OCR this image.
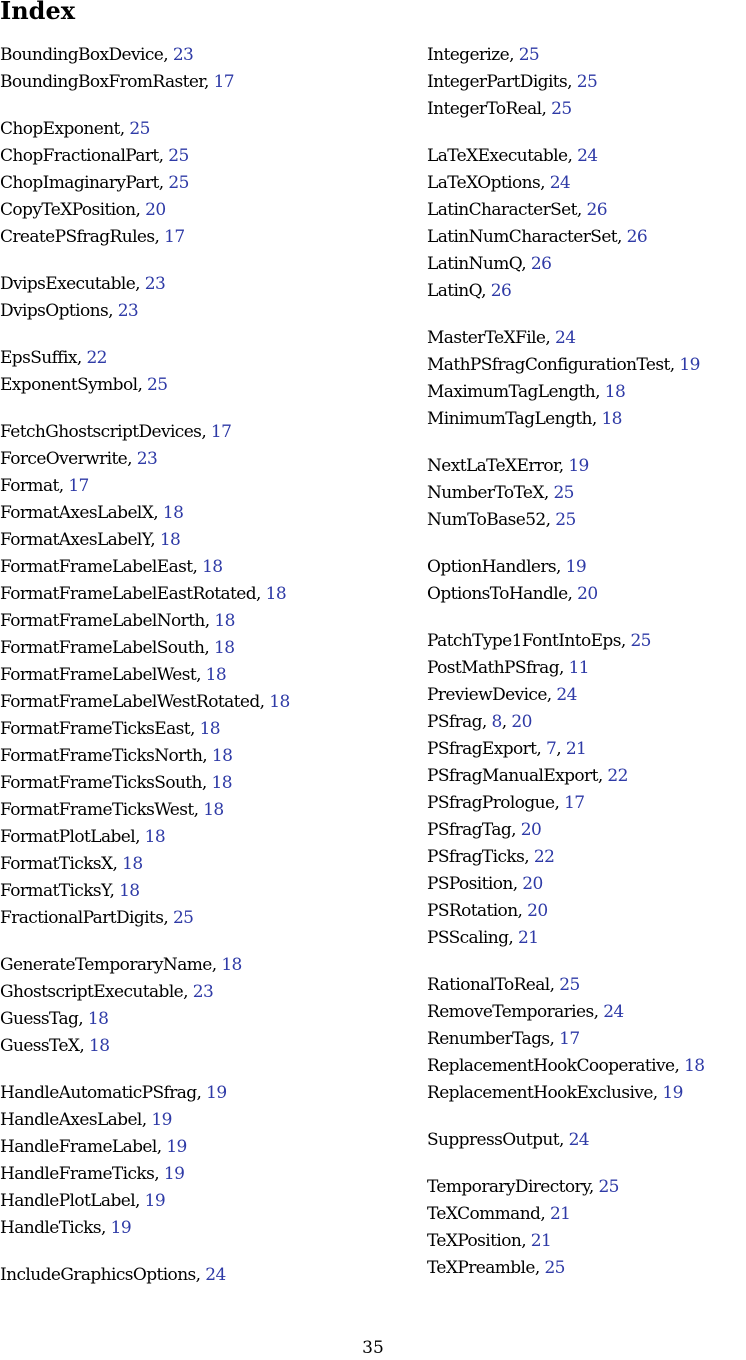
Index
BoundingBoxDevice, 23
BoundingBoxFromRaster, 17
ChopExponent, 25
ChopFractionalPart, 25
ChopImaginaryPart, 25
CopyTeXPosition, 20
CreatePSfragRules, 17
DvipsExecutable, 23
DvipsOptions, 23
EpsSuffix, 22
ExponentSymbol, 25
FetchGhostscriptDevices, 17
ForceOverwrite, 23
Format, 17
FormatAxesLabelX, 18
FormatAxesLabelY, 18
FormatFrameLabelEast, 18
FormatFrameLabelEastRotated, 18
FormatFrameLabelNorth, 18
FormatFrameLabelSouth, 18
FormatFrameLabelWest, 18
FormatFrameLabelWestRotated, 18
FormatFrameTicksEast, 18
FormatFrameTicksNorth, 18
FormatFrameTicksSouth, 18
FormatFrameTicksWest, 18
FormatPlotLabel, 18
FormatTicksX, 18
FormatTicksY, 18
FractionalPartDigits, 25
GenerateTemporaryName, 18
GhostscriptExecutable, 23
GuessTag, 18
GuessTeX, 18
HandleAutomaticPSfrag, 19
HandleAxesLabel, 19
HandleFrameLabel, 19
HandleFrameTicks, 19
HandlePlotLabel, 19
HandleTicks, 19
IncludeGraphicsOptions, 24
Integerize, 25
IntegerPartDigits, 25
IntegerToReal, 25
LaTeXExecutable, 24
LaTeXOptions, 24
LatinCharacterSet, 26
LatinNumCharacterSet, 26
LatinNumQ, 26
LatinQ, 26
MasterTeXFile, 24
MathPSfragConfigurationTest, 19
MaximumTagLength, 18
MinimumTagLength, 18
NextLaTeXError, 19
NumberToTeX, 25
NumToBase52, 25
OptionHandlers, 19
OptionsToHandle, 20
PatchType1FontIntoEps, 25
PostMathPSfrag, 11
PreviewDevice, 24
PSfrag, 8, 20
PSfragExport, 7, 21
PSfragManualExport, 22
PSfragPrologue, 17
PSfragTag, 20
PSfragTicks, 22
PSPosition, 20
PSRotation, 20
PSScaling, 21
RationalToReal, 25
RemoveTemporaries, 24
RenumberTags, 17
ReplacementHookCooperative, 18
ReplacementHookExclusive, 19
SuppressOutput, 24
TemporaryDirectory, 25
TeXCommand, 21
TeXPosition, 21
TeXPreamble, 25
35
